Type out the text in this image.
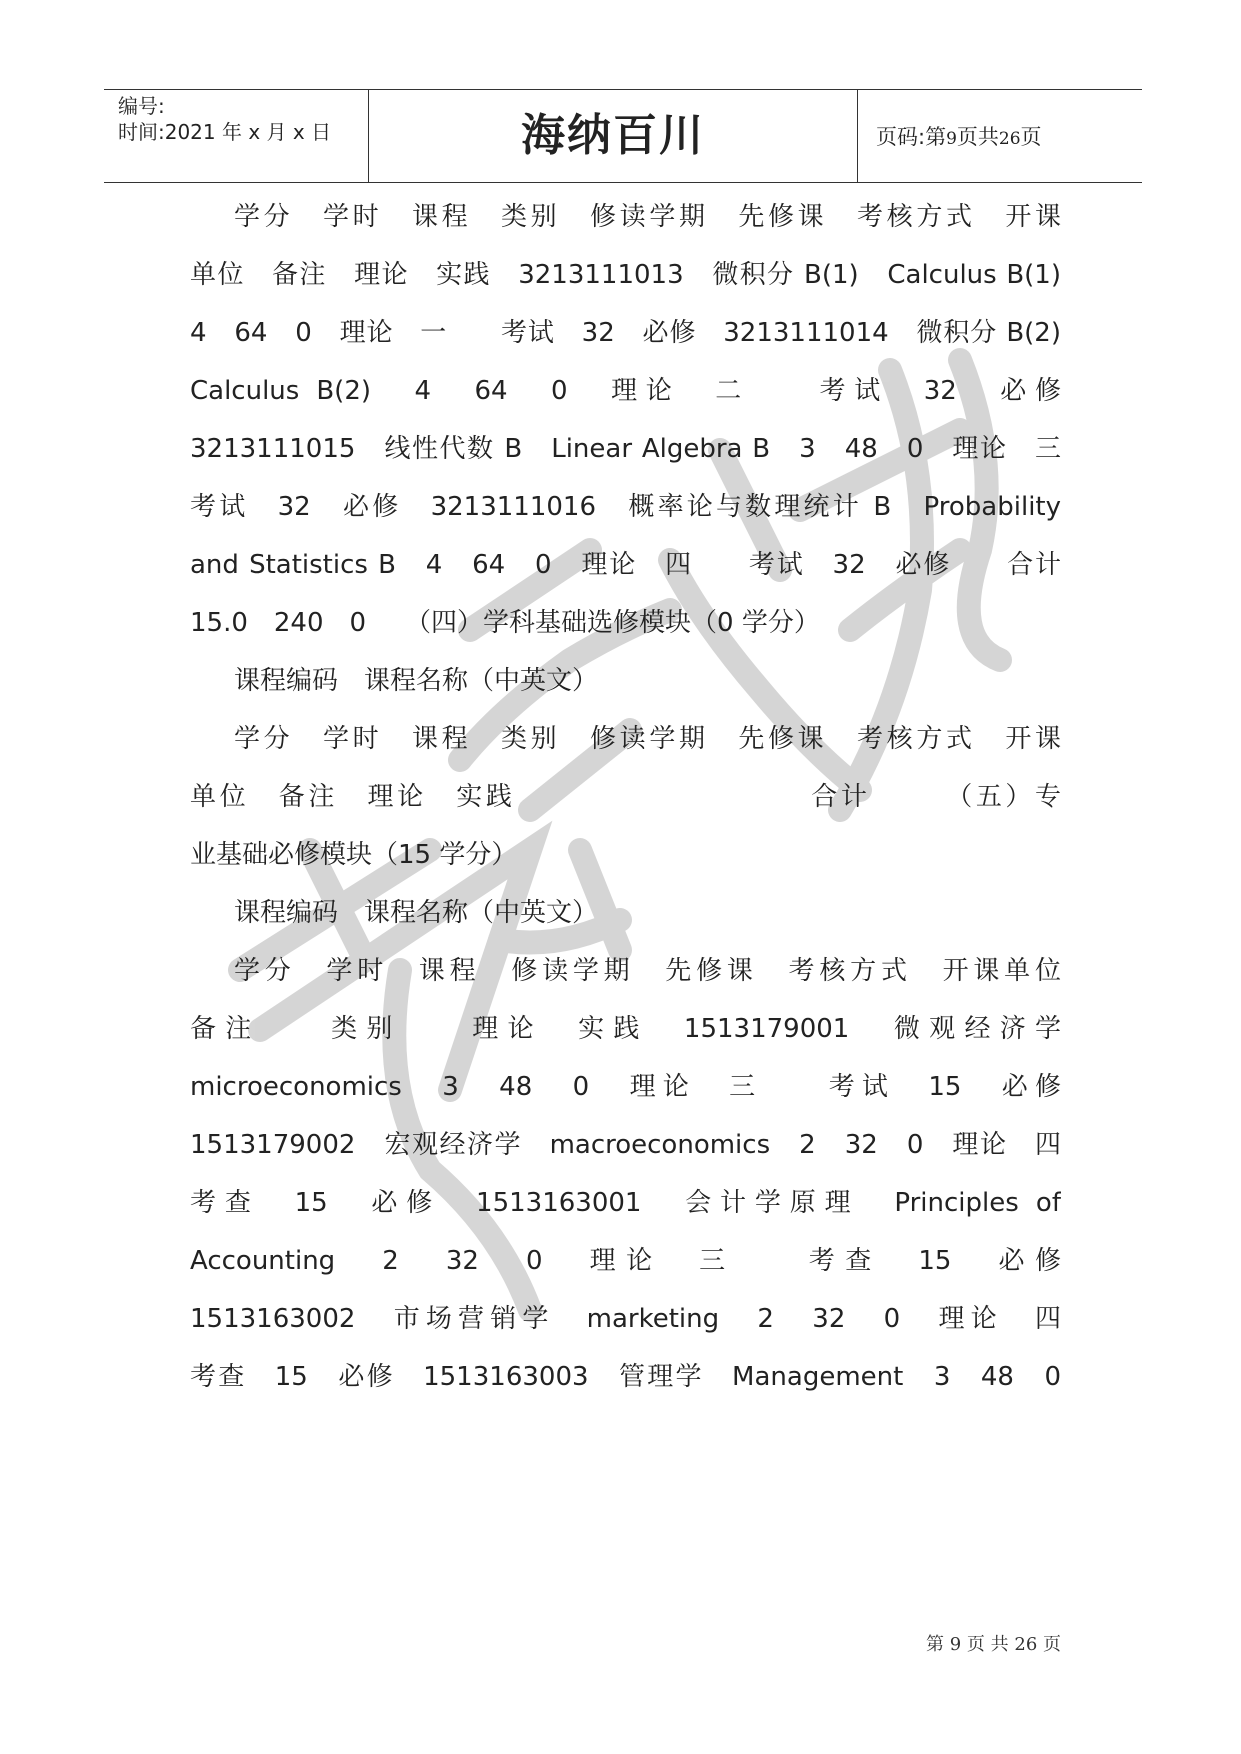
编号:
时间:2021 年 x 月 x 日	海纳百川	页码:第9页共26页
学分　学时　课程　类别　修读学期　先修课　考核方式　开课
单位　备注　理论　实践　3213111013　微积分 B(1)　Calculus B(1)
4　64　0　理论　一　　考试　32　必修　3213111014　微积分 B(2)
Calculus B(2)　4　64　0　理论　二　　考试　32　必修
3213111015　线性代数 B　Linear Algebra B　3　48　0　理论　三
考试　32　必修　3213111016　概率论与数理统计 B　Probability
and Statistics B　4　64　0　理论　四　　考试　32　必修　　合计
15.0　240　0　　（四）学科基础选修模块（0 学分）
课程编码　课程名称（中英文）
学分　学时　课程　类别　修读学期　先修课　考核方式　开课
单位　备注　理论　实践　　　　　　　　　　合计　　　（五）专
业基础必修模块（15 学分）
课程编码　课程名称（中英文）
学分　学时　课程　修读学期　先修课　考核方式　开课单位
备注　　类别　　理论　实践　1513179001　微观经济学
microeconomics　3　48　0　理论　三　　考试　15　必修
1513179002　宏观经济学　macroeconomics　2　32　0　理论　四
考查　15　必修　1513163001　会计学原理　Principles of
Accounting　2　32　0　理论　三　　考查　15　必修
1513163002　市场营销学　marketing　2　32　0　理论　四
考查　15　必修　1513163003　管理学　Management　3　48　0
第 9 页 共 26 页
